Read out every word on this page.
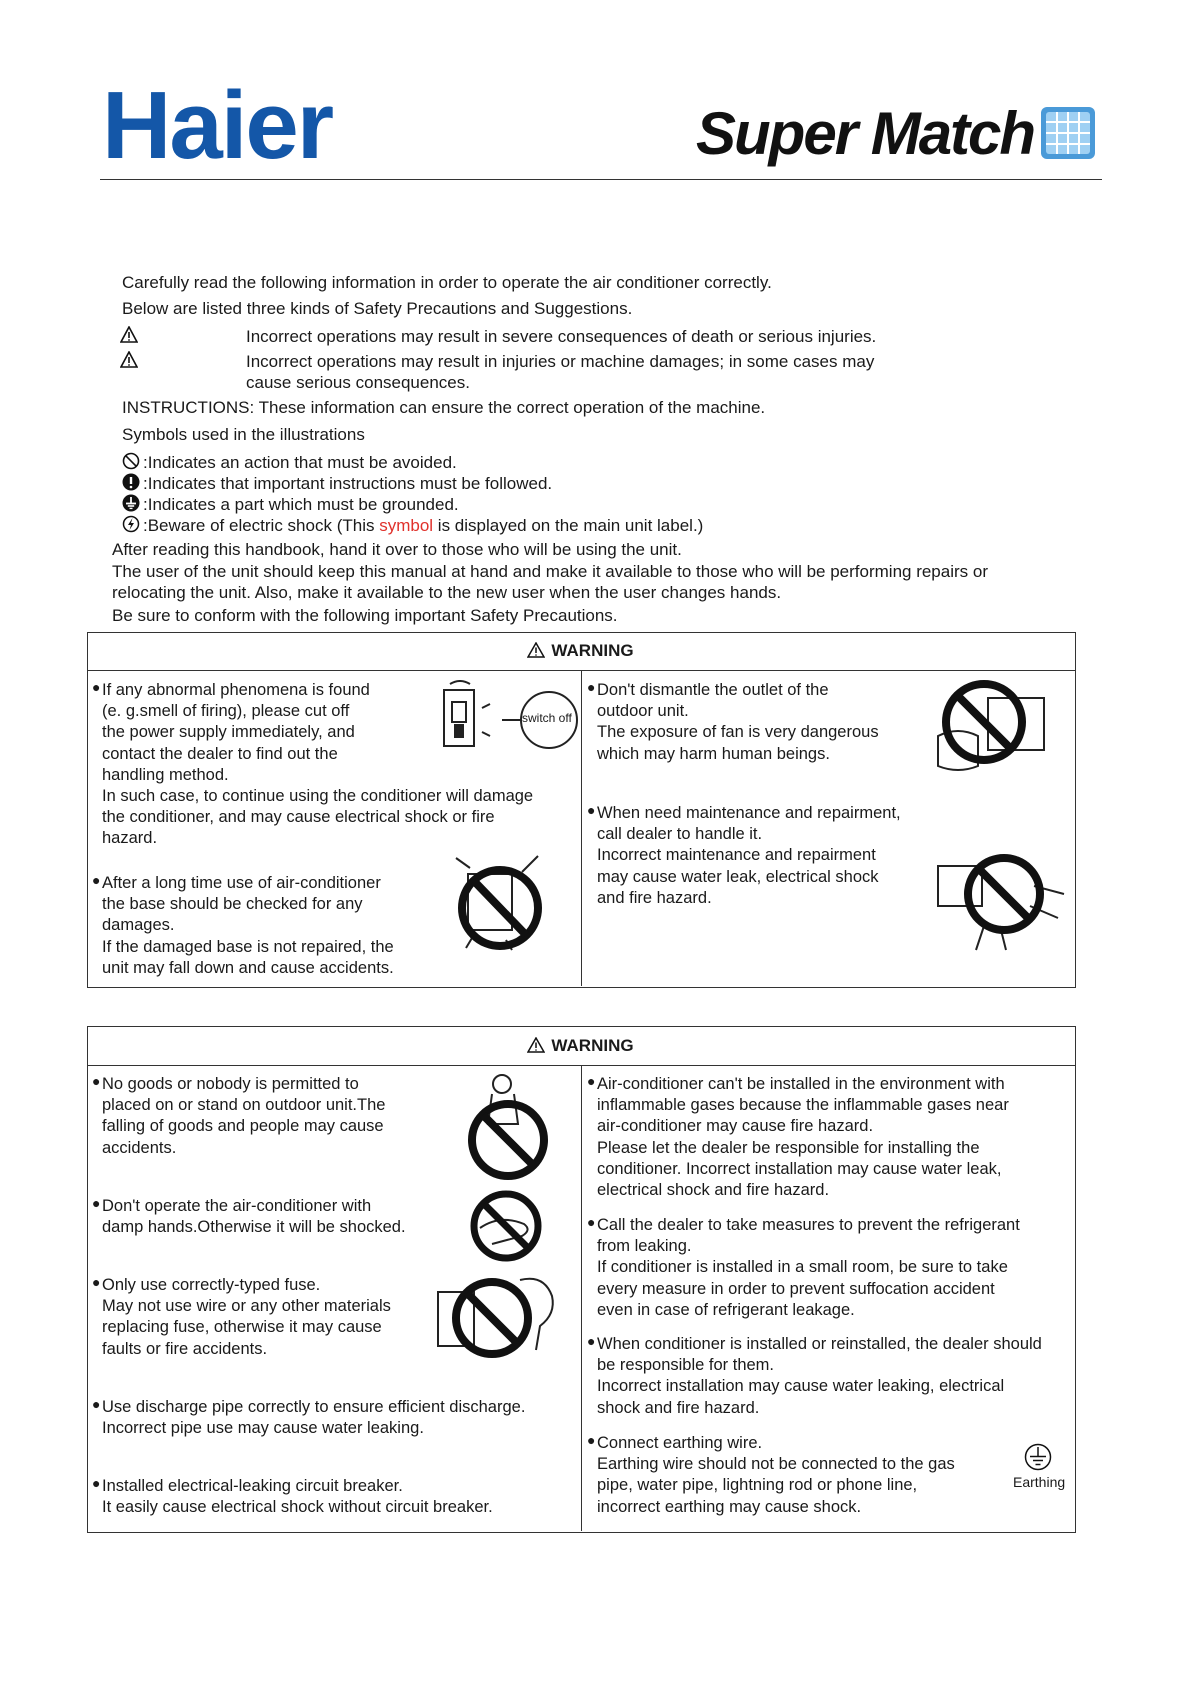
Haier	Super Match
Carefully read the following information in order to operate the air conditioner correctly.
Below are listed three kinds of Safety Precautions and Suggestions.
Incorrect operations may result in severe consequences of death or serious injuries.
Incorrect operations may result in injuries or machine damages; in some cases may
cause serious consequences.
INSTRUCTIONS: These information can ensure the correct operation of the machine.
Symbols used in the illustrations
:Indicates an action that must be avoided.
:Indicates that important instructions must be followed.
:Indicates a part which must be grounded.
:Beware of electric shock (This symbol is displayed on the main unit label.)
After reading this handbook, hand it over to those who will be using the unit.
The user of the unit should keep this manual at hand and make it available to those who will be performing repairs or
relocating the unit. Also, make it available to the new user when the user changes hands.
Be sure to conform with the following important Safety Precautions.
WARNING
●If any abnormal phenomena is found
(e. g.smell of firing), please cut off
the power supply immediately, and
contact the dealer to find out the
handling method.
In such case, to continue using the conditioner will damage
the conditioner, and may cause electrical shock or fire
hazard.
●After a long time use of air-conditioner
the base should be checked for any
damages.
If the damaged base is not repaired, the
unit may fall down and cause accidents.
switch off
●Don't dismantle the outlet of the
outdoor unit.
The exposure of fan is very dangerous
which may harm human beings.
●When need maintenance and repairment,
call dealer to handle it.
Incorrect maintenance and repairment
may cause water leak, electrical shock
and fire hazard.
WARNING
●No goods or nobody is permitted to
placed on or stand on outdoor unit.The
falling of goods and people may cause
accidents.
●Don't operate the air-conditioner with
damp hands.Otherwise it will be shocked.
●Only use correctly-typed fuse.
May not use wire or any other materials
replacing fuse, otherwise it may cause
faults or fire accidents.
●Use discharge pipe correctly to ensure efficient discharge.
Incorrect pipe use may cause water leaking.
●Installed electrical-leaking circuit breaker.
It easily cause electrical shock without circuit breaker.
●Air-conditioner can't be installed in the environment with
inflammable gases because the inflammable gases near
air-conditioner may cause fire hazard.
Please let the dealer be responsible for installing the
conditioner. Incorrect installation may cause water leak,
electrical shock and fire hazard.
●Call the dealer to take measures to prevent the refrigerant
from leaking.
If conditioner is installed in a small room, be sure to take
every measure in order to prevent suffocation accident
even in case of refrigerant leakage.
●When conditioner is installed or reinstalled, the dealer should
be responsible for them.
Incorrect installation may cause water leaking, electrical
shock and fire hazard.
●Connect earthing wire.
Earthing wire should not be connected to the gas
pipe, water pipe, lightning rod or phone line,
incorrect earthing may cause shock.
Earthing
